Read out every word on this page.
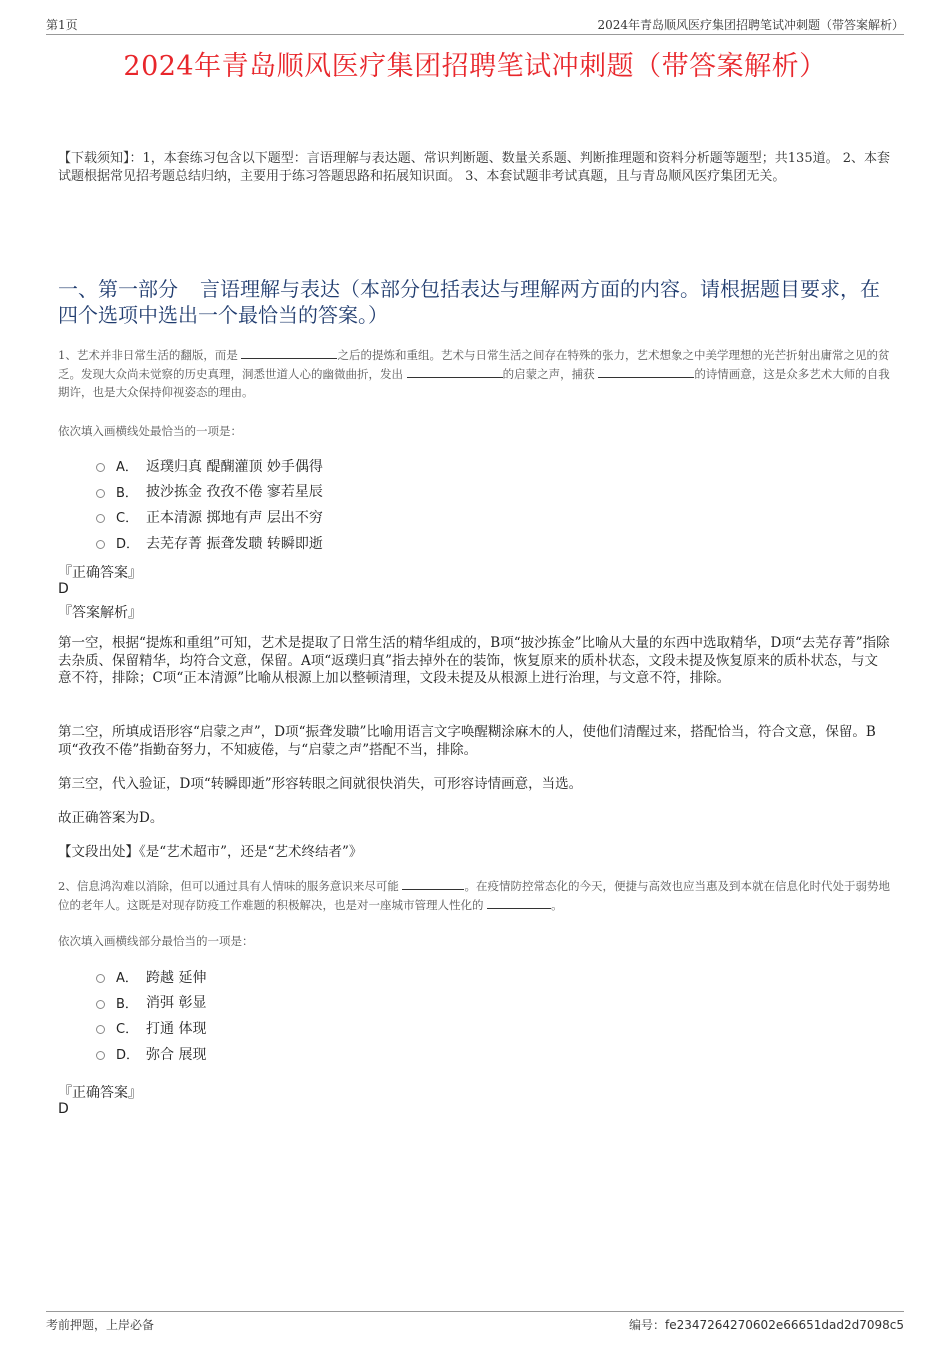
第1页	2024年青岛顺风医疗集团招聘笔试冲刺题（带答案解析）
2024年青岛顺风医疗集团招聘笔试冲刺题（带答案解析）
【下载须知】：1，本套练习包含以下题型：言语理解与表达题、常识判断题、数量关系题、判断推理题和资料分析题等题型；共135道。 2、本套试题根据常见招考题总结归纳，主要用于练习答题思路和拓展知识面。 3、本套试题非考试真题，且与青岛顺风医疗集团无关。
一、第一部分 言语理解与表达（本部分包括表达与理解两方面的内容。请根据题目要求，在四个选项中选出一个最恰当的答案。）
1、艺术并非日常生活的翻版，而是	之后的提炼和重组。艺术与日常生活之间存在特殊的张力，艺术想象之中美学理想的光芒折射出庸常之见的贫乏。发现大众尚未觉察的历史真理，洞悉世道人心的幽微曲折，发出	的启蒙之声，捕获	的诗情画意，这是众多艺术大师的自我期许，也是大众保持仰视姿态的理由。
依次填入画横线处最恰当的一项是：
A． 返璞归真 醍醐灌顶 妙手偶得
B． 披沙拣金 孜孜不倦 寥若星辰
C． 正本清源 掷地有声 层出不穷
D． 去芜存菁 振聋发聩 转瞬即逝
『正确答案』
D
『答案解析』
第一空，根据“提炼和重组”可知，艺术是提取了日常生活的精华组成的，B项“披沙拣金”比喻从大量的东西中选取精华，D项“去芜存菁”指除去杂质、保留精华，均符合文意，保留。A项“返璞归真”指去掉外在的装饰，恢复原来的质朴状态，文段未提及恢复原来的质朴状态，与文意不符，排除；C项“正本清源”比喻从根源上加以整顿清理，文段未提及从根源上进行治理，与文意不符，排除。
第二空，所填成语形容“启蒙之声”，D项“振聋发聩”比喻用语言文字唤醒糊涂麻木的人，使他们清醒过来，搭配恰当，符合文意，保留。B项“孜孜不倦”指勤奋努力，不知疲倦，与“启蒙之声”搭配不当，排除。
第三空，代入验证，D项“转瞬即逝”形容转眼之间就很快消失，可形容诗情画意，当选。
故正确答案为D。
【文段出处】《是“艺术超市”，还是“艺术终结者”》
2、信息鸿沟难以消除，但可以通过具有人情味的服务意识来尽可能	。在疫情防控常态化的今天，便捷与高效也应当惠及到本就在信息化时代处于弱势地位的老年人。这既是对现存防疫工作难题的积极解决，也是对一座城市管理人性化的	。
依次填入画横线部分最恰当的一项是：
A． 跨越 延伸
B． 消弭 彰显
C． 打通 体现
D． 弥合 展现
『正确答案』
D
考前押题，上岸必备	编号：fe2347264270602e66651dad2d7098c5
